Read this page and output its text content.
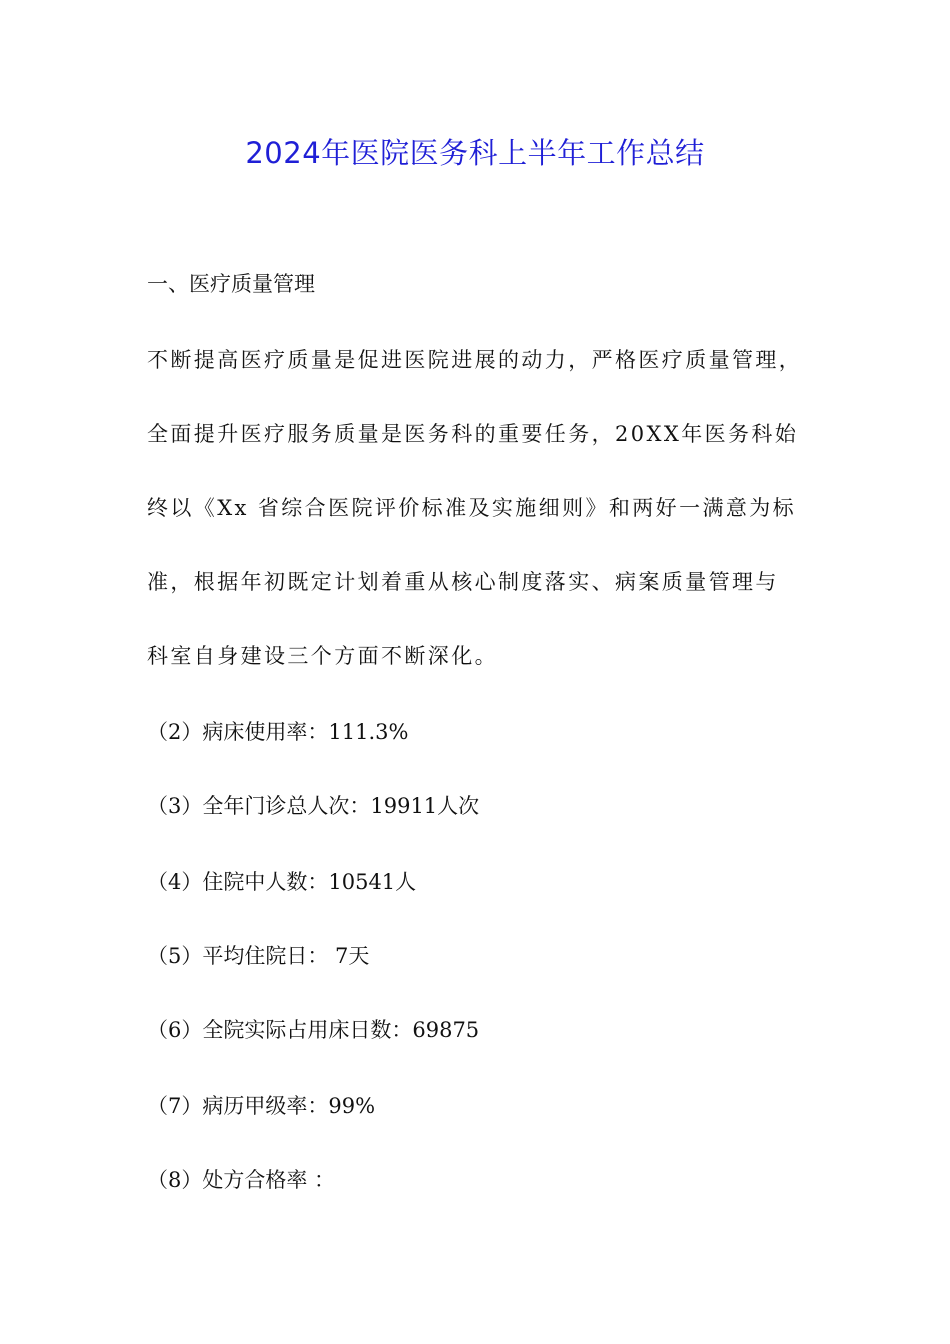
2024年医院医务科上半年工作总结
一、医疗质量管理
不断提高医疗质量是促进医院进展的动力，严格医疗质量管理，
全面提升医疗服务质量是医务科的重要任务，20XX年医务科始
终以《Xx 省综合医院评价标准及实施细则》和两好一满意为标
准，根据年初既定计划着重从核心制度落实、病案质量管理与
科室自身建设三个方面不断深化。
（2）病床使用率：111.3%
（3）全年门诊总人次：19911人次
（4）住院中人数：10541人
（5）平均住院日： 7天
（6）全院实际占用床日数：69875
（7）病历甲级率：99%
（8）处方合格率 ：
